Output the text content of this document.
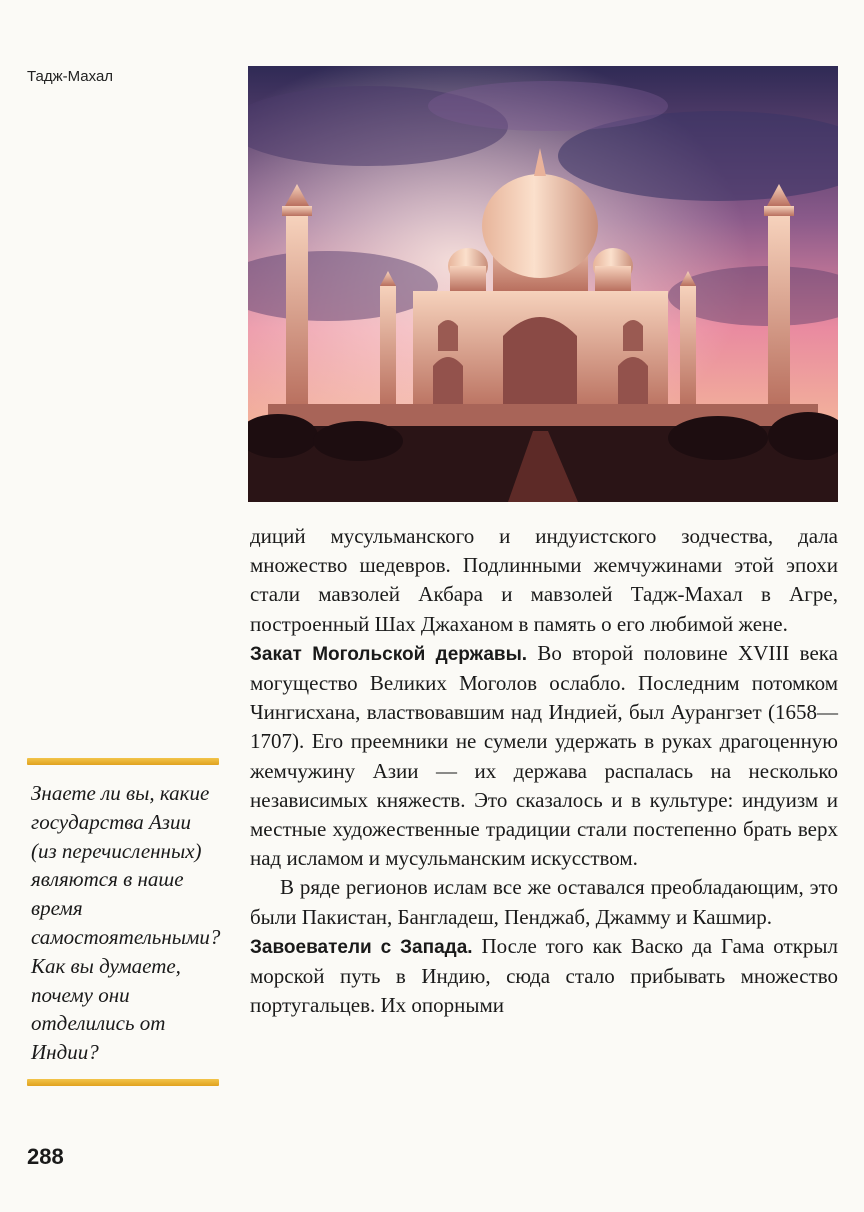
Тадж-Махал

диций мусульманского и индуистского зодчества, дала множество шедевров. Подлинными жемчужинами этой эпохи стали мавзолей Акбара и мавзолей Тадж-Махал в Агре, построенный Шах Джаханом в память о его любимой жене.

Закат Могольской державы. Во второй половине XVIII века могущество Великих Моголов ослабло. Последним потомком Чингисхана, властвовавшим над Индией, был Аурангзет (1658—1707). Его преемники не сумели удержать в руках драгоценную жемчужину Азии — их держава распалась на несколько независимых княжеств. Это сказалось и в культуре: индуизм и местные художественные традиции стали постепенно брать верх над исламом и мусульманским искусством.

В ряде регионов ислам все же оставался преобладающим, это были Пакистан, Бангладеш, Пенджаб, Джамму и Кашмир.

Завоеватели с Запада. После того как Васко да Гама открыл морской путь в Индию, сюда стало прибывать множество португальцев. Их опорными

Знаете ли вы, какие государства Азии (из перечисленных) являются в наше время самостоятельными? Как вы думаете, почему они отделились от Индии?
288
